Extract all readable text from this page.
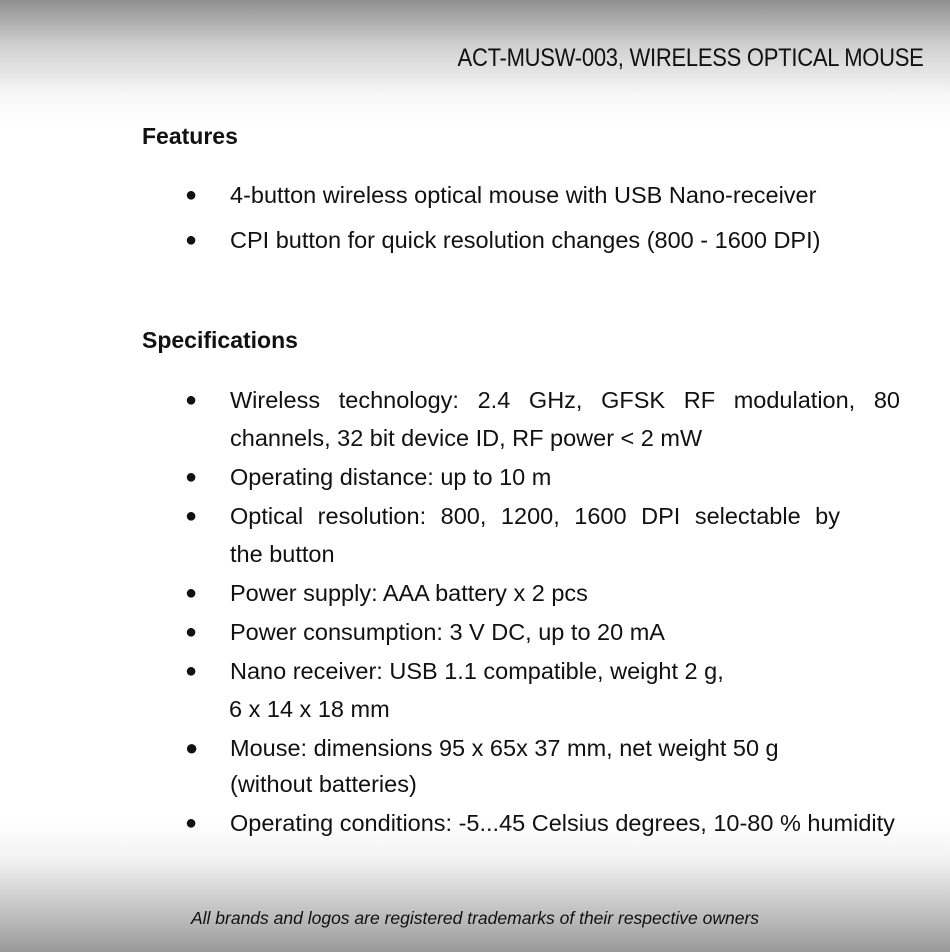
ACT-MUSW-003, WIRELESS OPTICAL MOUSE
Features
● 4-button wireless optical mouse with USB Nano-receiver
● CPI button for quick resolution changes (800 - 1600 DPI)
Specifications
● Wireless technology: 2.4 GHz, GFSK RF modulation, 80 channels, 32 bit device ID, RF power < 2 mW
● Operating distance: up to 10 m
● Optical resolution: 800, 1200, 1600 DPI selectable by
the button
● Power supply: AAA battery x 2 pcs
● Power consumption: 3 V DC, up to 20 mA
● Nano receiver: USB 1.1 compatible, weight 2 g,
6 x 14 x 18 mm
● Mouse: dimensions 95 x 65x 37 mm, net weight 50 g
(without batteries)
● Operating conditions: -5...45 Celsius degrees, 10-80 % humidity
All brands and logos are registered trademarks of their respective owners
